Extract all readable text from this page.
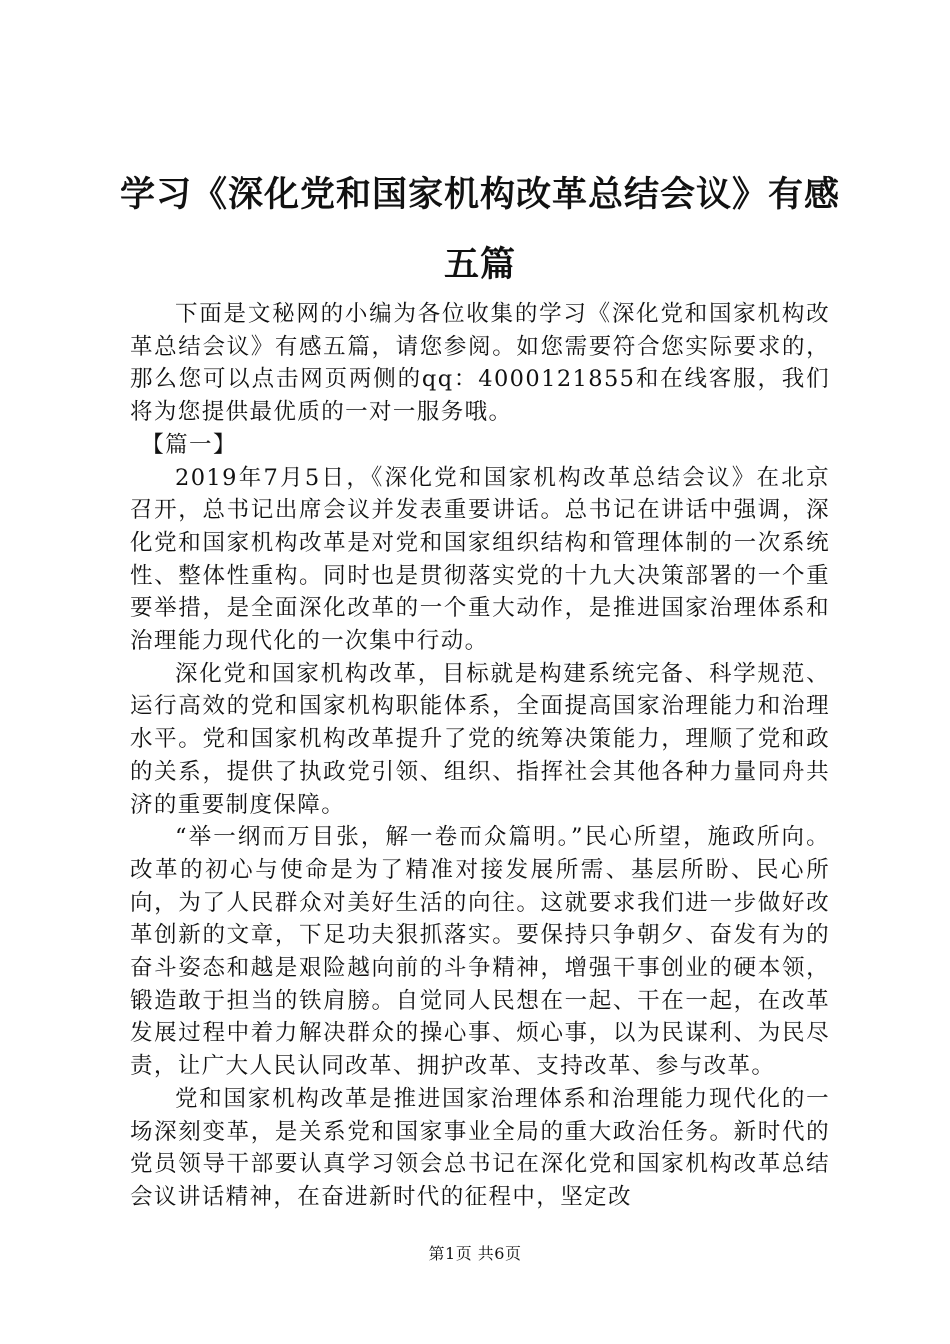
学习《深化党和国家机构改革总结会议》有感五篇

下面是文秘网的小编为各位收集的学习《深化党和国家机构改革总结会议》有感五篇，请您参阅。如您需要符合您实际要求的，那么您可以点击网页两侧的qq：4000121855和在线客服，我们将为您提供最优质的一对一服务哦。

【篇一】

2019年7月5日，《深化党和国家机构改革总结会议》在北京召开，总书记出席会议并发表重要讲话。总书记在讲话中强调，深化党和国家机构改革是对党和国家组织结构和管理体制的一次系统性、整体性重构。同时也是贯彻落实党的十九大决策部署的一个重要举措，是全面深化改革的一个重大动作，是推进国家治理体系和治理能力现代化的一次集中行动。

深化党和国家机构改革，目标就是构建系统完备、科学规范、运行高效的党和国家机构职能体系，全面提高国家治理能力和治理水平。党和国家机构改革提升了党的统筹决策能力，理顺了党和政的关系，提供了执政党引领、组织、指挥社会其他各种力量同舟共济的重要制度保障。

“举一纲而万目张，解一卷而众篇明。”民心所望，施政所向。改革的初心与使命是为了精准对接发展所需、基层所盼、民心所向，为了人民群众对美好生活的向往。这就要求我们进一步做好改革创新的文章，下足功夫狠抓落实。要保持只争朝夕、奋发有为的奋斗姿态和越是艰险越向前的斗争精神，增强干事创业的硬本领，锻造敢于担当的铁肩膀。自觉同人民想在一起、干在一起，在改革发展过程中着力解决群众的操心事、烦心事，以为民谋利、为民尽责，让广大人民认同改革、拥护改革、支持改革、参与改革。

党和国家机构改革是推进国家治理体系和治理能力现代化的一场深刻变革，是关系党和国家事业全局的重大政治任务。新时代的党员领导干部要认真学习领会总书记在深化党和国家机构改革总结会议讲话精神，在奋进新时代的征程中，坚定改

第1页 共6页
